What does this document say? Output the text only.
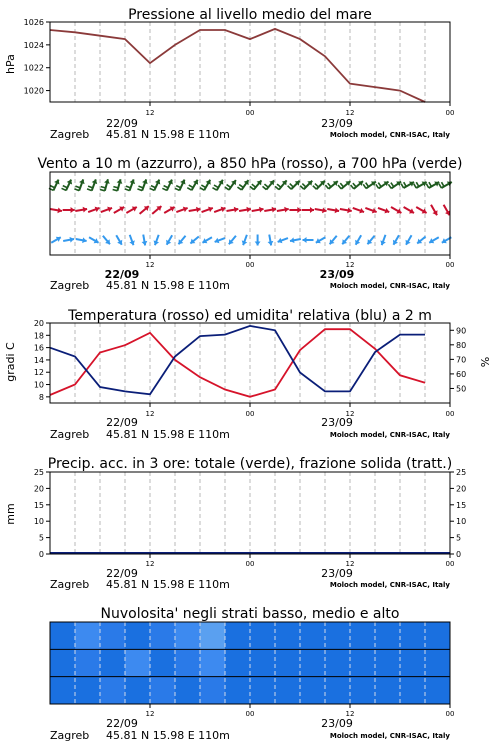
Pressione al livello medio del mare
hPa
1020
1022
1024
1026
12	00	12	00
22/09	23/09
Zagreb 45.81 N 15.98 E 110m	Moloch model, CNR-ISAC, Italy
Vento a 10 m (azzurro), a 850 hPa (rosso), a 700 hPa (verde)
12	00	12	00
22/09	23/09
Zagreb 45.81 N 15.98 E 110m	Moloch model, CNR-ISAC, Italy
Temperatura (rosso) ed umidita' relativa (blu) a 2 m
gradi C	%
8
10
12
14
16
18
20
50
60
70
80
90
12	00	12	00
22/09	23/09
Zagreb 45.81 N 15.98 E 110m	Moloch model, CNR-ISAC, Italy
Precip. acc. in 3 ore: totale (verde), frazione solida (tratt.)
mm
0
5
10
15
20
25
0
5
10
15
20
25
12	00	12	00
22/09	23/09
Zagreb 45.81 N 15.98 E 110m	Moloch model, CNR-ISAC, Italy
Nuvolosita' negli strati basso, medio e alto
12	00	12	00
22/09	23/09
Zagreb 45.81 N 15.98 E 110m	Moloch model, CNR-ISAC, Italy
